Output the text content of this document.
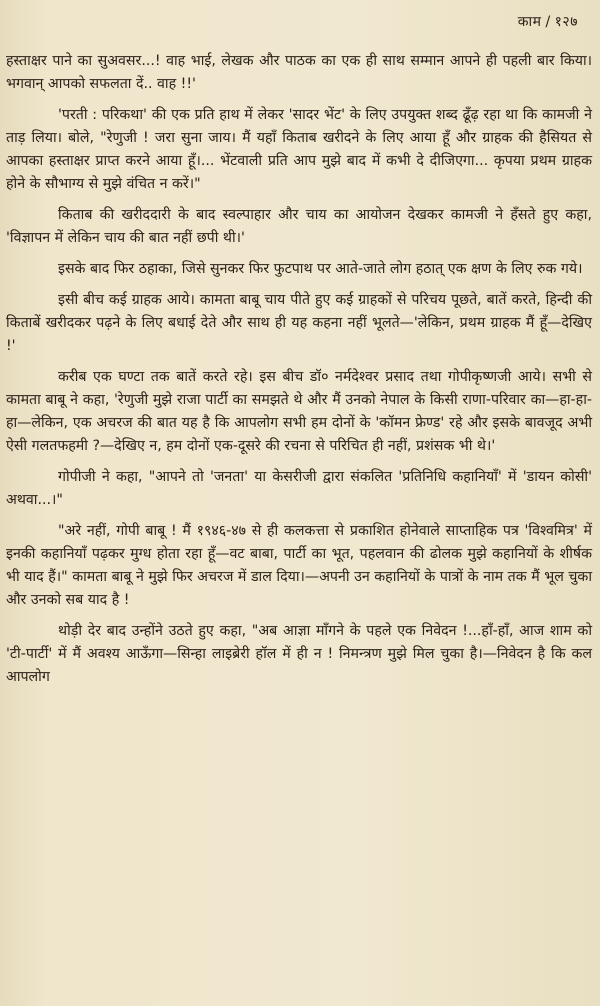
काम / १२७

हस्ताक्षर पाने का सुअवसर...! वाह भाई, लेखक और पाठक का एक ही साथ सम्मान आपने ही पहली बार किया। भगवान् आपको सफलता दें.. वाह !!'

'परती : परिकथा' की एक प्रति हाथ में लेकर 'सादर भेंट' के लिए उपयुक्त शब्द ढूँढ़ रहा था कि कामजी ने ताड़ लिया। बोले, "रेणुजी ! जरा सुना जाय। मैं यहाँ किताब खरीदने के लिए आया हूँ और ग्राहक की हैसियत से आपका हस्ताक्षर प्राप्त करने आया हूँ।... भेंटवाली प्रति आप मुझे बाद में कभी दे दीजिएगा... कृपया प्रथम ग्राहक होने के सौभाग्य से मुझे वंचित न करें।"

किताब की खरीददारी के बाद स्वल्पाहार और चाय का आयोजन देखकर कामजी ने हँसते हुए कहा, 'विज्ञापन में लेकिन चाय की बात नहीं छपी थी।'

इसके बाद फिर ठहाका, जिसे सुनकर फिर फुटपाथ पर आते-जाते लोग हठात् एक क्षण के लिए रुक गये।

इसी बीच कई ग्राहक आये। कामता बाबू चाय पीते हुए कई ग्राहकों से परिचय पूछते, बातें करते, हिन्दी की किताबें खरीदकर पढ़ने के लिए बधाई देते और साथ ही यह कहना नहीं भूलते—'लेकिन, प्रथम ग्राहक मैं हूँ—देखिए !'

करीब एक घण्टा तक बातें करते रहे। इस बीच डॉ० नर्मदेश्वर प्रसाद तथा गोपीकृष्णजी आये। सभी से कामता बाबू ने कहा, 'रेणुजी मुझे राजा पार्टी का समझते थे और मैं उनको नेपाल के किसी राणा-परिवार का—हा-हा-हा—लेकिन, एक अचरज की बात यह है कि आपलोग सभी हम दोनों के 'कॉमन फ्रेण्ड' रहे और इसके बावजूद अभी ऐसी गलतफहमी ?—देखिए न, हम दोनों एक-दूसरे की रचना से परिचित ही नहीं, प्रशंसक भी थे।'

गोपीजी ने कहा, "आपने तो 'जनता' या केसरीजी द्वारा संकलित 'प्रतिनिधि कहानियाँ' में 'डायन कोसी' अथवा...।"

"अरे नहीं, गोपी बाबू ! मैं १९४६-४७ से ही कलकत्ता से प्रकाशित होनेवाले साप्ताहिक पत्र 'विश्वमित्र' में इनकी कहानियाँ पढ़कर मुग्ध होता रहा हूँ—वट बाबा, पार्टी का भूत, पहलवान की ढोलक मुझे कहानियों के शीर्षक भी याद हैं।" कामता बाबू ने मुझे फिर अचरज में डाल दिया।—अपनी उन कहानियों के पात्रों के नाम तक मैं भूल चुका और उनको सब याद है !

थोड़ी देर बाद उन्होंने उठते हुए कहा, "अब आज्ञा माँगने के पहले एक निवेदन !...हाँ-हाँ, आज शाम को 'टी-पार्टी' में मैं अवश्य आऊँगा—सिन्हा लाइब्रेरी हॉल में ही न ! निमन्त्रण मुझे मिल चुका है।—निवेदन है कि कल आपलोग
